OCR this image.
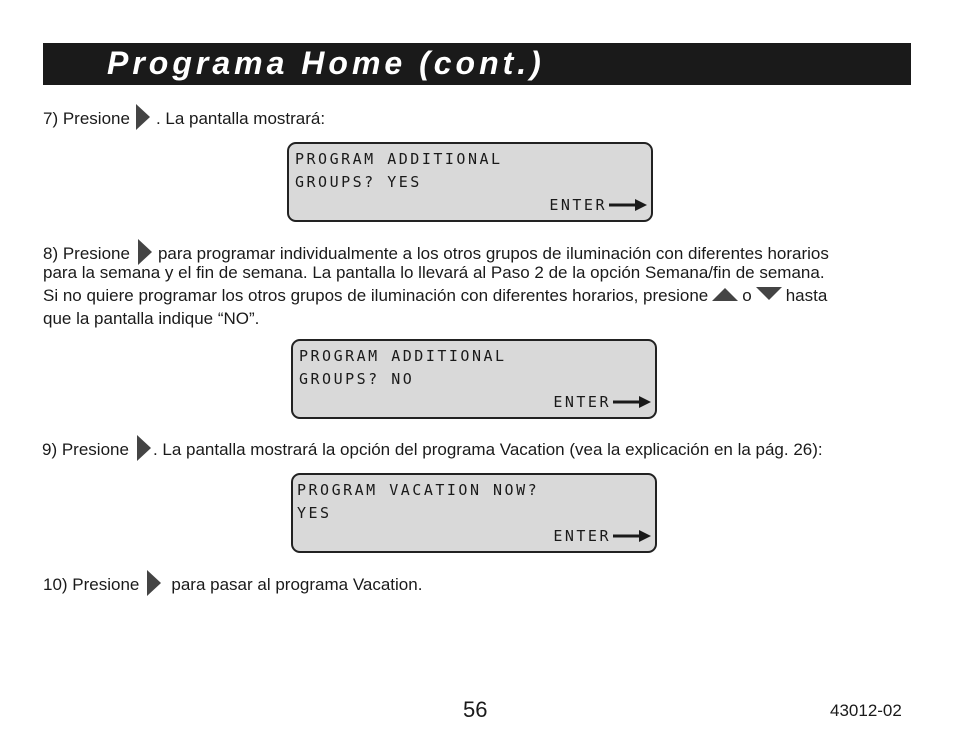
Programa Home (cont.)
7) Presione . La pantalla mostrará:
PROGRAM ADDITIONAL
GROUPS? YES
ENTER
8) Presione para programar individualmente a los otros grupos de iluminación con diferentes horarios
para la semana y el fin de semana. La pantalla lo llevará al Paso 2 de la opción Semana/fin de semana.
Si no quiere programar los otros grupos de iluminación con diferentes horarios, presione o hasta
que la pantalla indique “NO”.
PROGRAM ADDITIONAL
GROUPS? NO
ENTER
9) Presione . La pantalla mostrará la opción del programa Vacation (vea la explicación en la pág. 26):
PROGRAM VACATION NOW?
YES
ENTER
10) Presione para pasar al programa Vacation.
56	43012-02
